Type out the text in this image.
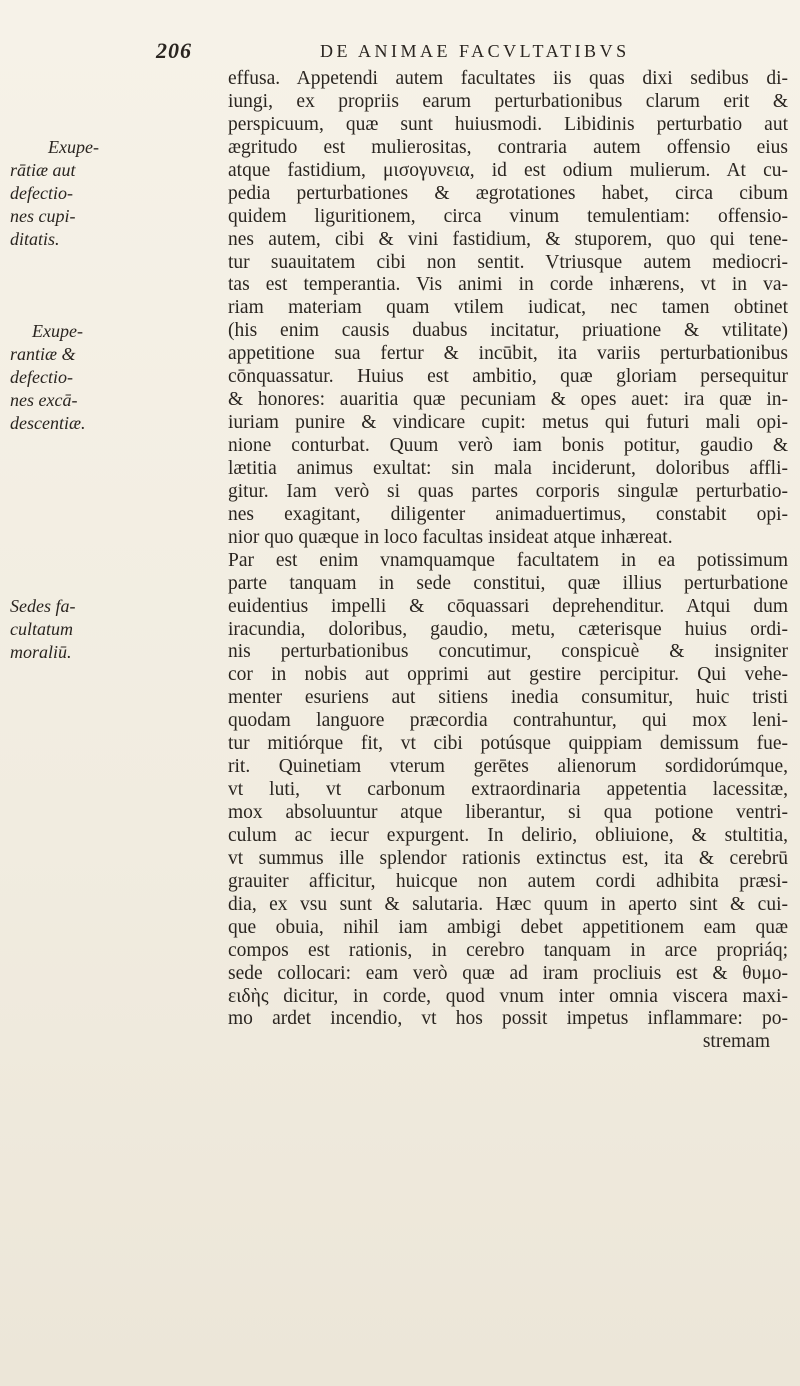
206	DE ANIMAE FACVLTATIBVS
Exupe-
rātiæ aut
defectio-
nes cupi-
ditatis.
Exupe-
rantiæ &
defectio-
nes excā-
descentiæ.
Sedes fa-
cultatum
moraliū.
effusa. Appetendi autem facultates iis quas dixi sedibus di-
iungi, ex propriis earum perturbationibus clarum erit &
perspicuum, quæ sunt huiusmodi. Libidinis perturbatio aut
ægritudo est mulierositas, contraria autem offensio eius
atque fastidium, μισογυνεια, id est odium mulierum. At cu-
pedia perturbationes & ægrotationes habet, circa cibum
quidem liguritionem, circa vinum temulentiam: offensio-
nes autem, cibi & vini fastidium, & stuporem, quo qui tene-
tur suauitatem cibi non sentit. Vtriusque autem mediocri-
tas est temperantia. Vis animi in corde inhærens, vt in va-
riam materiam quam vtilem iudicat, nec tamen obtinet
(his enim causis duabus incitatur, priuatione & vtilitate)
appetitione sua fertur & incūbit, ita variis perturbationibus
cōnquassatur. Huius est ambitio, quæ gloriam persequitur
& honores: auaritia quæ pecuniam & opes auet: ira quæ in-
iuriam punire & vindicare cupit: metus qui futuri mali opi-
nione conturbat. Quum verò iam bonis potitur, gaudio &
lætitia animus exultat: sin mala inciderunt, doloribus affli-
gitur. Iam verò si quas partes corporis singulæ perturbatio-
nes exagitant, diligenter animaduertimus, constabit opi-
nior quo quæque in loco facultas insideat atque inhæreat.
Par est enim vnamquamque facultatem in ea potissimum
parte tanquam in sede constitui, quæ illius perturbatione
euidentius impelli & cōquassari deprehenditur. Atqui dum
iracundia, doloribus, gaudio, metu, cæterisque huius ordi-
nis perturbationibus concutimur, conspicuè & insigniter
cor in nobis aut opprimi aut gestire percipitur. Qui vehe-
menter esuriens aut sitiens inedia consumitur, huic tristi
quodam languore præcordia contrahuntur, qui mox leni-
tur mitiórque fit, vt cibi potúsque quippiam demissum fue-
rit. Quinetiam vterum gerētes alienorum sordidorúmque,
vt luti, vt carbonum extraordinaria appetentia lacessitæ,
mox absoluuntur atque liberantur, si qua potione ventri-
culum ac iecur expurgent. In delirio, obliuione, & stultitia,
vt summus ille splendor rationis extinctus est, ita & cerebrū
grauiter afficitur, huicque non autem cordi adhibita præsi-
dia, ex vsu sunt & salutaria. Hæc quum in aperto sint & cui-
que obuia, nihil iam ambigi debet appetitionem eam quæ
compos est rationis, in cerebro tanquam in arce propriáq;
sede collocari: eam verò quæ ad iram procliuis est & θυμο-
ειδὴς dicitur, in corde, quod vnum inter omnia viscera maxi-
mo ardet incendio, vt hos possit impetus inflammare: po-
stremam
